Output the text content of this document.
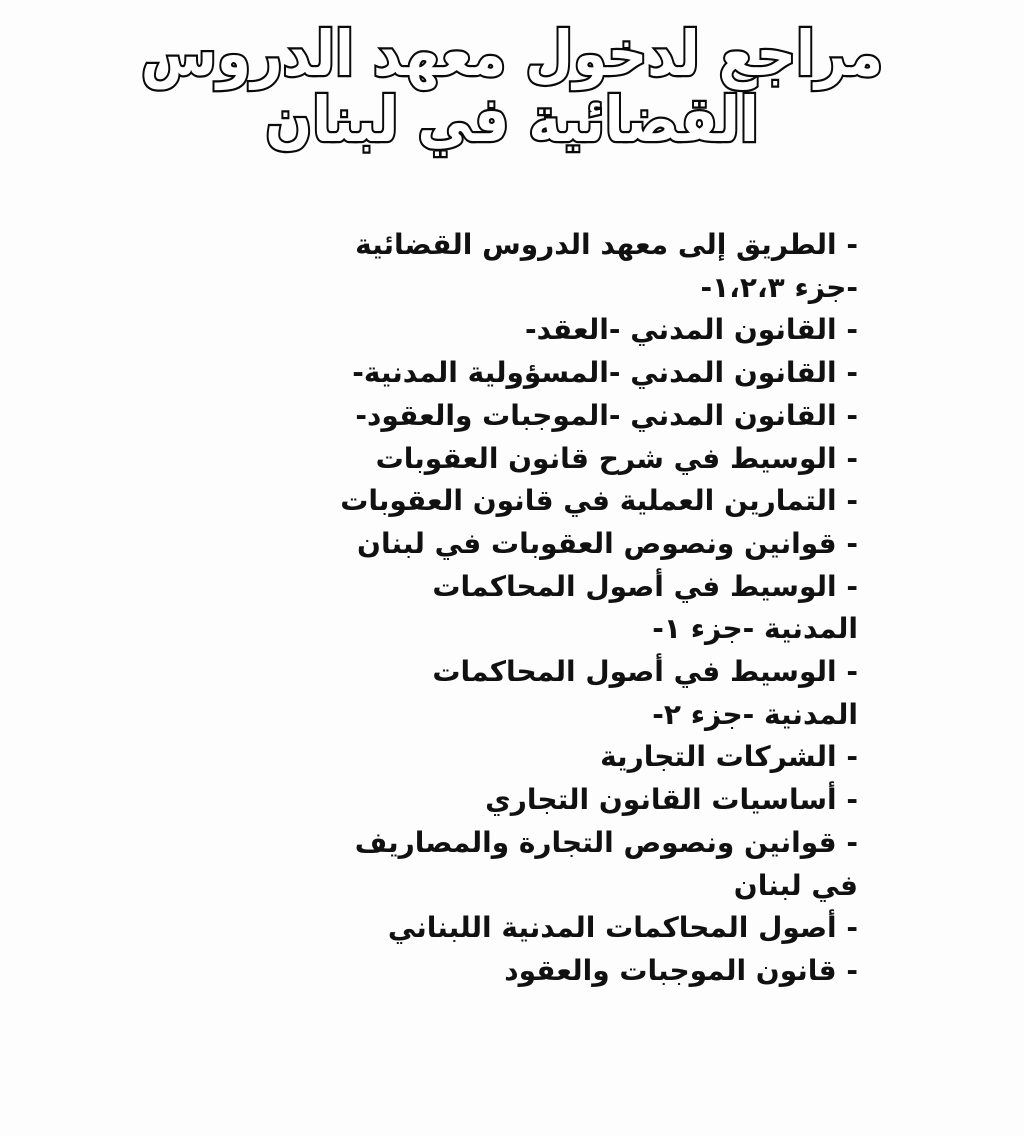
مراجع لدخول معهد الدروس
القضائية في لبنان
- الطريق إلى معهد الدروس القضائية
-جزء ١،٢،٣-
- القانون المدني -العقد-
- القانون المدني -المسؤولية المدنية-
- القانون المدني -الموجبات والعقود-
- الوسيط في شرح قانون العقوبات
- التمارين العملية في قانون العقوبات
- قوانين ونصوص العقوبات في لبنان
- الوسيط في أصول المحاكمات
المدنية -جزء ١-
- الوسيط في أصول المحاكمات
المدنية -جزء ٢-
- الشركات التجارية
- أساسيات القانون التجاري
- قوانين ونصوص التجارة والمصاريف
في لبنان
- أصول المحاكمات المدنية اللبناني
- قانون الموجبات والعقود
